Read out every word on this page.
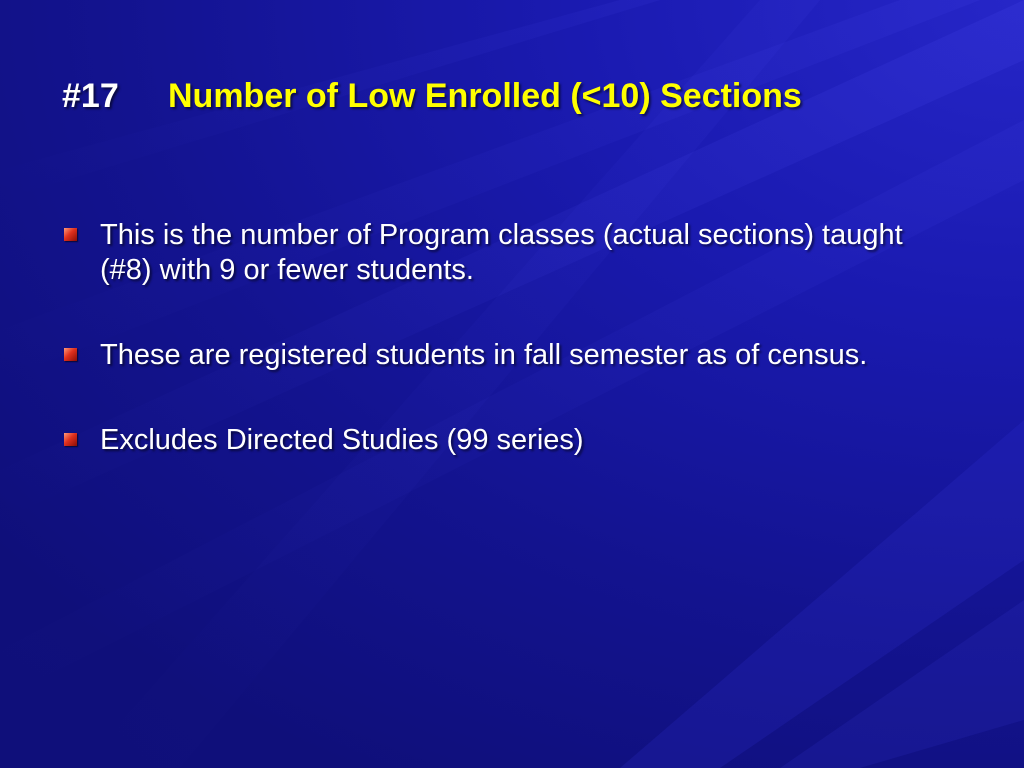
#17 Number of Low Enrolled (<10) Sections
This is the number of Program classes (actual sections) taught (#8) with 9 or fewer students.
These are registered students in fall semester as of census.
Excludes Directed Studies (99 series)
